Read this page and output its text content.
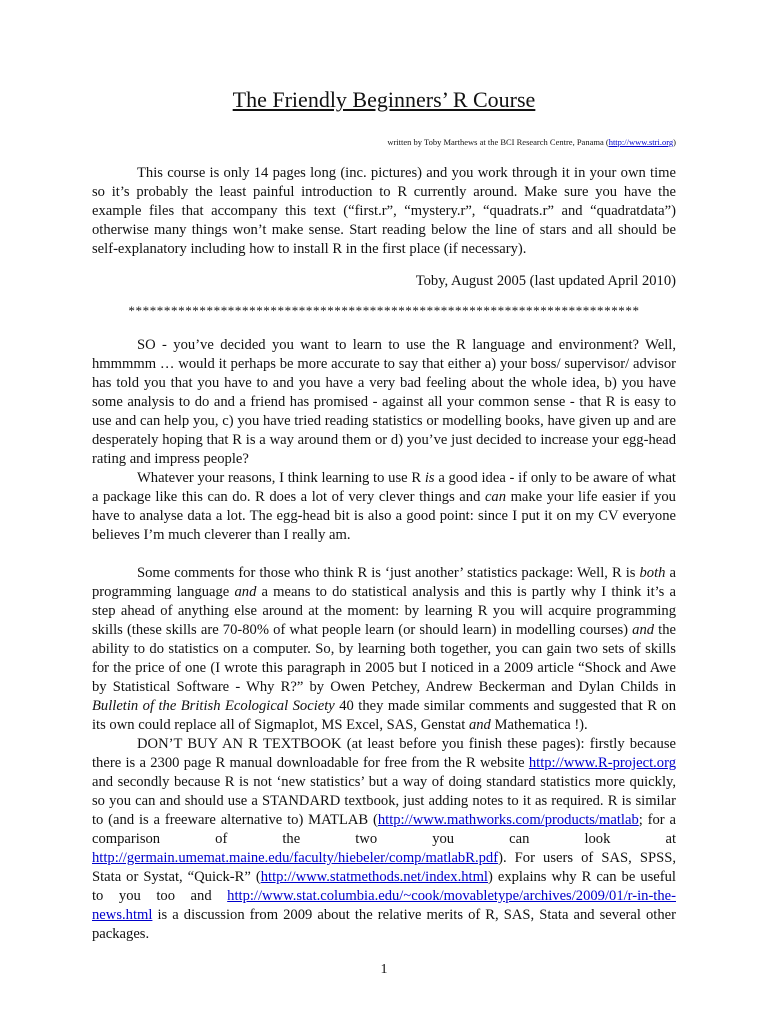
The Friendly Beginners’ R Course
written by Toby Marthews at the BCI Research Centre, Panama (http://www.stri.org)

This course is only 14 pages long (inc. pictures) and you work through it in your own time so it’s probably the least painful introduction to R currently around. Make sure you have the example files that accompany this text (“first.r”, “mystery.r”, “quadrats.r” and “quadratdata”) otherwise many things won’t make sense. Start reading below the line of stars and all should be self-explanatory including how to install R in the first place (if necessary).

Toby, August 2005 (last updated April 2010)

************************************************************************

SO - you’ve decided you want to learn to use the R language and environment? Well, hmmmmm … would it perhaps be more accurate to say that either a) your boss/ supervisor/ advisor has told you that you have to and you have a very bad feeling about the whole idea, b) you have some analysis to do and a friend has promised - against all your common sense - that R is easy to use and can help you, c) you have tried reading statistics or modelling books, have given up and are desperately hoping that R is a way around them or d) you’ve just decided to increase your egg-head rating and impress people?

Whatever your reasons, I think learning to use R is a good idea - if only to be aware of what a package like this can do. R does a lot of very clever things and can make your life easier if you have to analyse data a lot. The egg-head bit is also a good point: since I put it on my CV everyone believes I’m much cleverer than I really am.

Some comments for those who think R is ‘just another’ statistics package: Well, R is both a programming language and a means to do statistical analysis and this is partly why I think it’s a step ahead of anything else around at the moment: by learning R you will acquire programming skills (these skills are 70-80% of what people learn (or should learn) in modelling courses) and the ability to do statistics on a computer. So, by learning both together, you can gain two sets of skills for the price of one (I wrote this paragraph in 2005 but I noticed in a 2009 article “Shock and Awe by Statistical Software - Why R?” by Owen Petchey, Andrew Beckerman and Dylan Childs in Bulletin of the British Ecological Society 40 they made similar comments and suggested that R on its own could replace all of Sigmaplot, MS Excel, SAS, Genstat and Mathematica !).

DON’T BUY AN R TEXTBOOK (at least before you finish these pages): firstly because there is a 2300 page R manual downloadable for free from the R website http://www.R-project.org and secondly because R is not ‘new statistics’ but a way of doing standard statistics more quickly, so you can and should use a STANDARD textbook, just adding notes to it as required. R is similar to (and is a freeware alternative to) MATLAB (http://www.mathworks.com/products/matlab; for a comparison of the two you can look at http://germain.umemat.maine.edu/faculty/hiebeler/comp/matlabR.pdf). For users of SAS, SPSS, Stata or Systat, “Quick-R” (http://www.statmethods.net/index.html) explains why R can be useful to you too and http://www.stat.columbia.edu/~cook/movabletype/archives/2009/01/r-in-the-news.html is a discussion from 2009 about the relative merits of R, SAS, Stata and several other packages.

1
